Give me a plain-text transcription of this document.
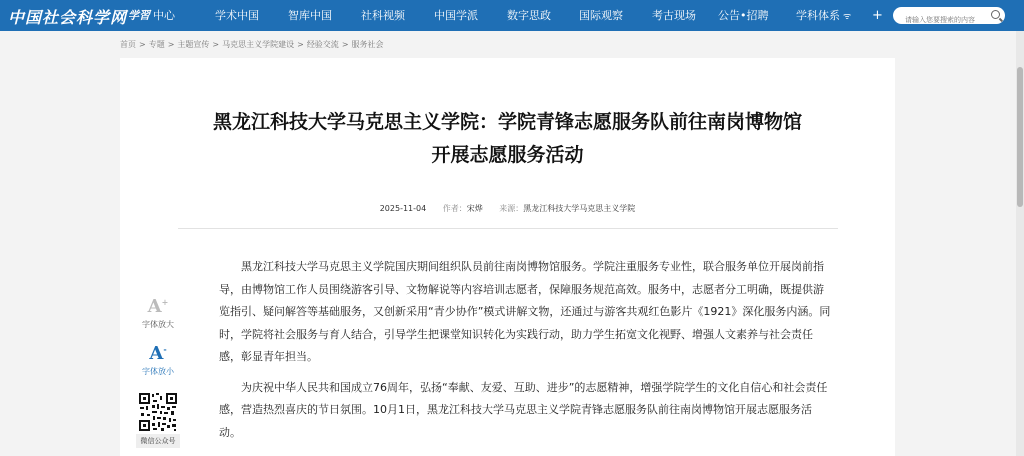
中国社会科学网 学習 中心	学术中国	智库中国	社科视频	中国学派	数字思政	国际观察	考古现场 公告•招聘	学科体系 ᯤ +
请输入您要搜索的内容
首页 > 专题 > 主题宣传 > 马克思主义学院建设 > 经验交流 > 服务社会
黑龙江科技大学马克思主义学院：学院青锋志愿服务队前往南岗博物馆
开展志愿服务活动
2025-11-04 作者：宋烨 来源：黑龙江科技大学马克思主义学院

黑龙江科技大学马克思主义学院国庆期间组织队员前往南岗博物馆服务。学院注重服务专业性，联合服务单位开展岗前指导，由博物馆工作人员围绕游客引导、文物解说等内容培训志愿者，保障服务规范高效。服务中，志愿者分工明确，既提供游览指引、疑问解答等基础服务，又创新采用“青少协作”模式讲解文物，还通过与游客共观红色影片《1921》深化服务内涵。同时，学院将社会服务与育人结合，引导学生把课堂知识转化为实践行动，助力学生拓宽文化视野、增强人文素养与社会责任感，彰显青年担当。

为庆祝中华人民共和国成立76周年，弘扬“奉献、友爱、互助、进步”的志愿精神，增强学院学生的文化自信心和社会责任感，营造热烈喜庆的节日氛围。10月1日，黑龙江科技大学马克思主义学院青锋志愿服务队前往南岗博物馆开展志愿服务活动。

A+
字体放大
A-
字体放小
微信公众号
